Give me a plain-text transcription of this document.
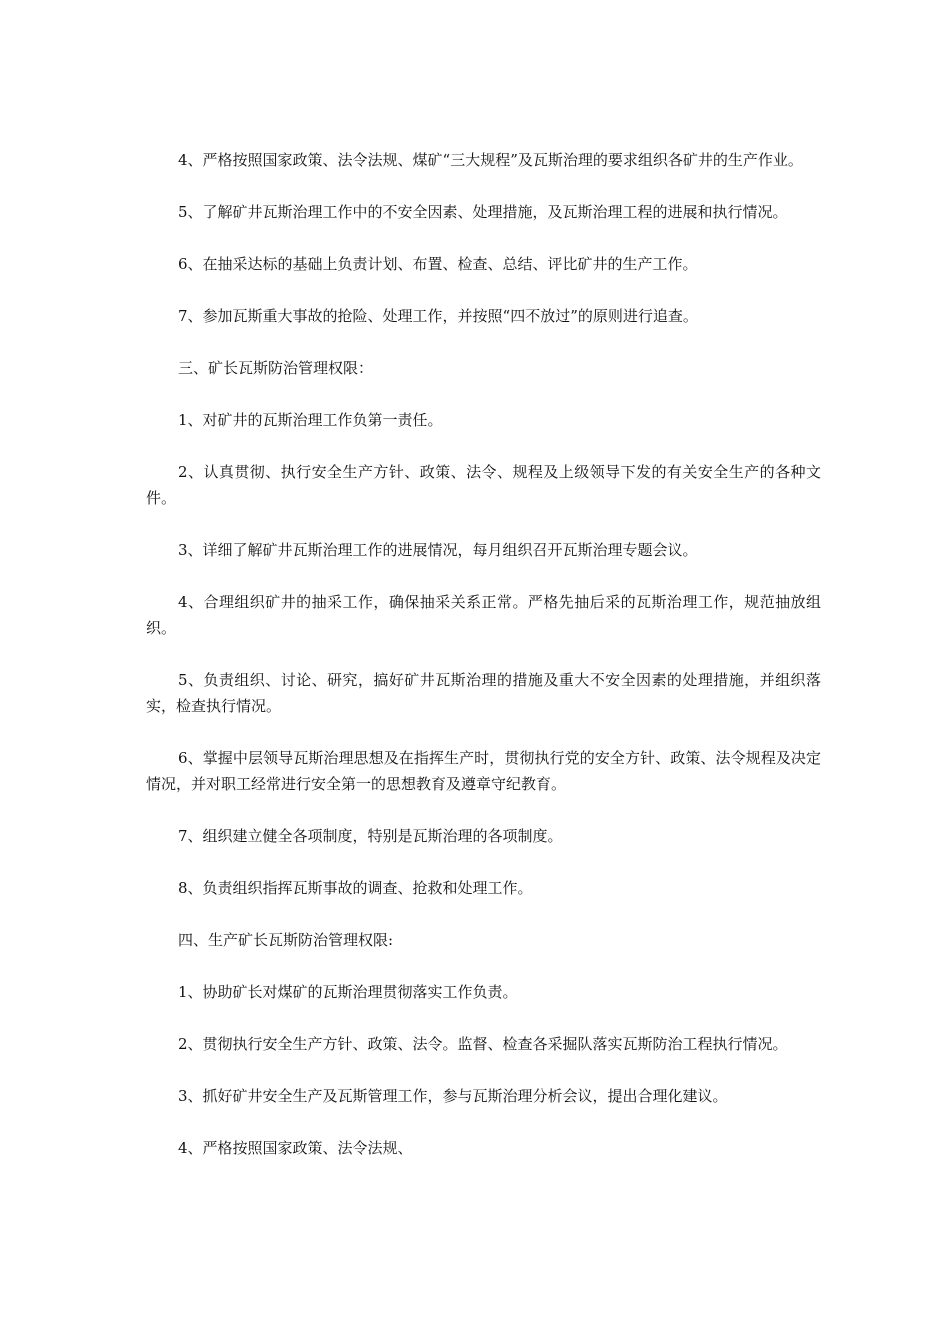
4、严格按照国家政策、法令法规、煤矿“三大规程”及瓦斯治理的要求组织各矿井的生产作业。

5、了解矿井瓦斯治理工作中的不安全因素、处理措施，及瓦斯治理工程的进展和执行情况。

6、在抽采达标的基础上负责计划、布置、检查、总结、评比矿井的生产工作。

7、参加瓦斯重大事故的抢险、处理工作，并按照“四不放过”的原则进行追查。

三、矿长瓦斯防治管理权限：

1、对矿井的瓦斯治理工作负第一责任。

2、认真贯彻、执行安全生产方针、政策、法令、规程及上级领导下发的有关安全生产的各种文件。

3、详细了解矿井瓦斯治理工作的进展情况，每月组织召开瓦斯治理专题会议。

4、合理组织矿井的抽采工作，确保抽采关系正常。严格先抽后采的瓦斯治理工作，规范抽放组织。

5、负责组织、讨论、研究，搞好矿井瓦斯治理的措施及重大不安全因素的处理措施，并组织落实，检查执行情况。

6、掌握中层领导瓦斯治理思想及在指挥生产时，贯彻执行党的安全方针、政策、法令规程及决定情况，并对职工经常进行安全第一的思想教育及遵章守纪教育。

7、组织建立健全各项制度，特别是瓦斯治理的各项制度。

8、负责组织指挥瓦斯事故的调查、抢救和处理工作。

四、生产矿长瓦斯防治管理权限:

1、协助矿长对煤矿的瓦斯治理贯彻落实工作负责。

2、贯彻执行安全生产方针、政策、法令。监督、检查各采掘队落实瓦斯防治工程执行情况。

3、抓好矿井安全生产及瓦斯管理工作，参与瓦斯治理分析会议，提出合理化建议。

4、严格按照国家政策、法令法规、
